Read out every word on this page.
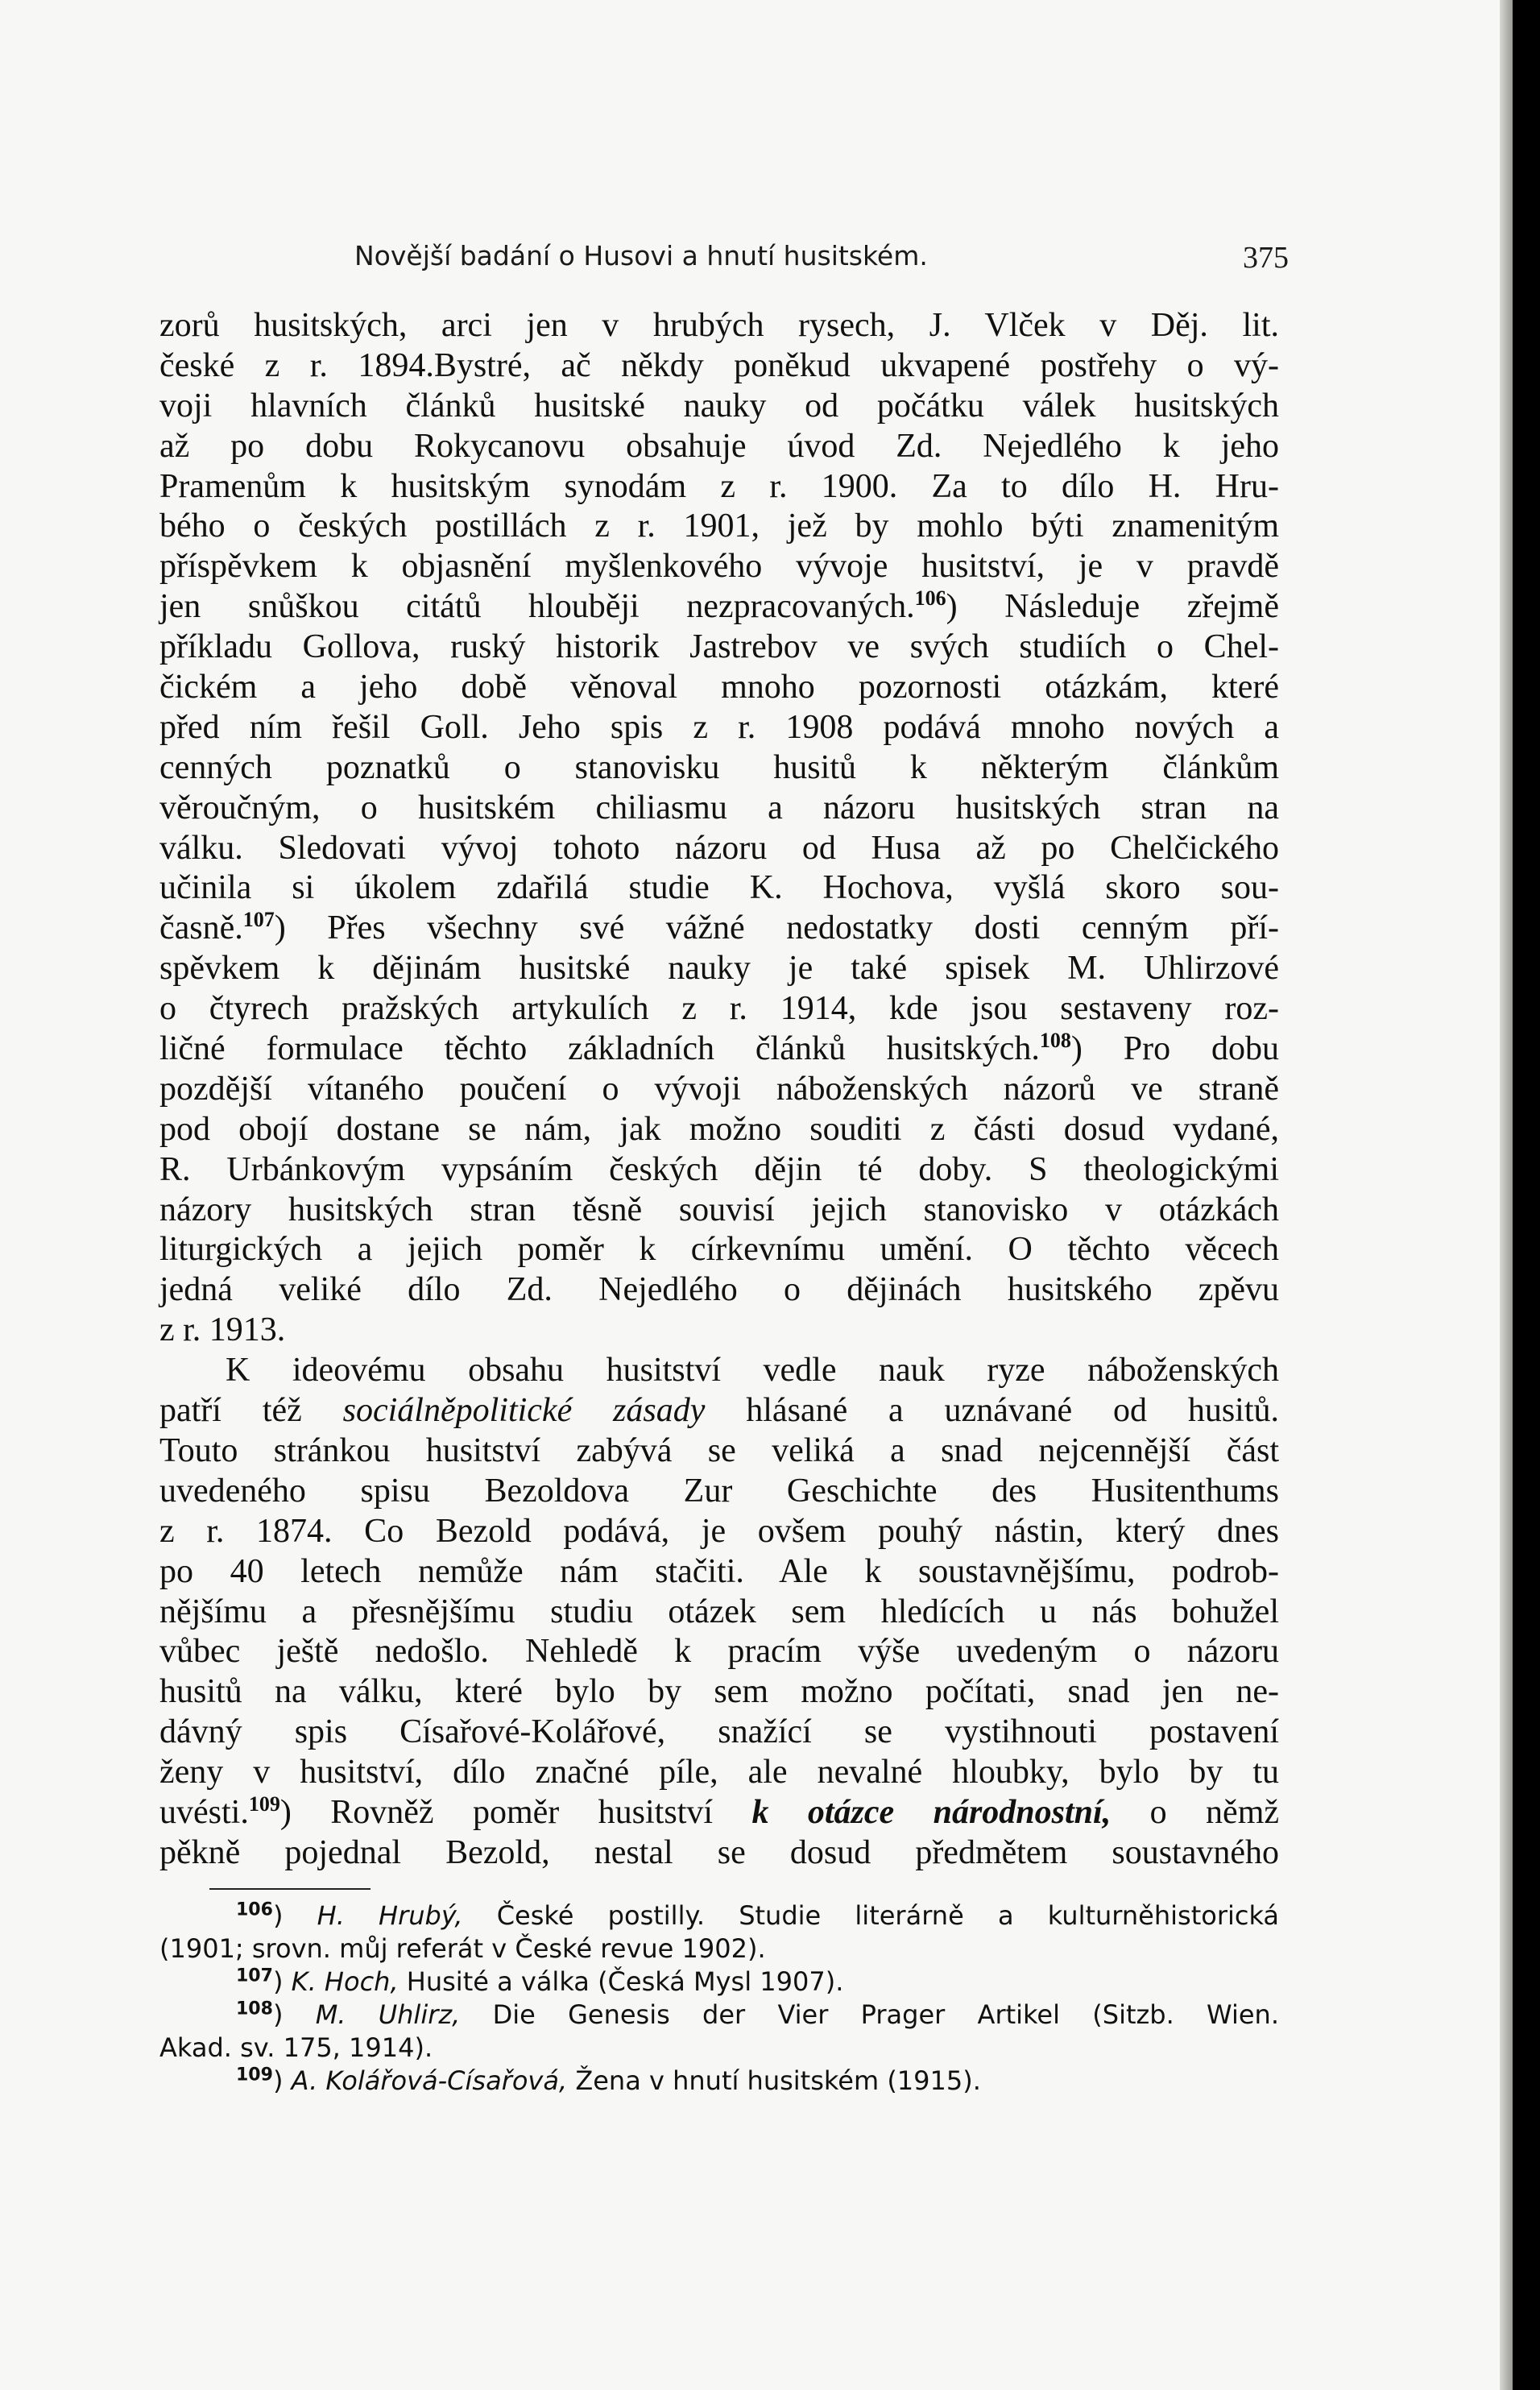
Novější badání o Husovi a hnutí husitském.	375
zorů husitských, arci jen v hrubých rysech, J. Vlček v Děj. lit.
české z r. 1894.Bystré, ač někdy poněkud ukvapené postřehy o vý-
voji hlavních článků husitské nauky od počátku válek husitských
až po dobu Rokycanovu obsahuje úvod Zd. Nejedlého k jeho
Pramenům k husitským synodám z r. 1900. Za to dílo H. Hru-
bého o českých postillách z r. 1901, jež by mohlo býti znamenitým
příspěvkem k objasnění myšlenkového vývoje husitství, je v pravdě
jen snůškou citátů hlouběji nezpracovaných.$^{106}$) Následuje zřejmě
příkladu Gollova, ruský historik Jastrebov ve svých studiích o Chel-
čickém a jeho době věnoval mnoho pozornosti otázkám, které
před ním řešil Goll. Jeho spis z r. 1908 podává mnoho nových a
cenných poznatků o stanovisku husitů k některým článkům
věroučným, o husitském chiliasmu a názoru husitských stran na
válku. Sledovati vývoj tohoto názoru od Husa až po Chelčického
učinila si úkolem zdařilá studie K. Hochova, vyšlá skoro sou-
časně.$^{107}$) Přes všechny své vážné nedostatky dosti cenným pří-
spěvkem k dějinám husitské nauky je také spisek M. Uhlirzové
o čtyrech pražských artykulích z r. 1914, kde jsou sestaveny roz-
ličné formulace těchto základních článků husitských.$^{108}$) Pro dobu
pozdější vítaného poučení o vývoji náboženských názorů ve straně
pod obojí dostane se nám, jak možno souditi z části dosud vydané,
R. Urbánkovým vypsáním českých dějin té doby. S theologickými
názory husitských stran těsně souvisí jejich stanovisko v otázkách
liturgických a jejich poměr k církevnímu umění. O těchto věcech
jedná veliké dílo Zd. Nejedlého o dějinách husitského zpěvu
z r. 1913.
K ideovému obsahu husitství vedle nauk ryze náboženských
patří též sociálněpolitické zásady hlásané a uznávané od husitů.
Touto stránkou husitství zabývá se veliká a snad nejcennější část
uvedeného spisu Bezoldova Zur Geschichte des Husitenthums
z r. 1874. Co Bezold podává, je ovšem pouhý nástin, který dnes
po 40 letech nemůže nám stačiti. Ale k soustavnějšímu, podrob-
nějšímu a přesnějšímu studiu otázek sem hledících u nás bohužel
vůbec ještě nedošlo. Nehledě k pracím výše uvedeným o názoru
husitů na válku, které bylo by sem možno počítati, snad jen ne-
dávný spis Císařové-Kolářové, snažící se vystihnouti postavení
ženy v husitství, dílo značné píle, ale nevalné hloubky, bylo by tu
uvésti.$^{109}$) Rovněž poměr husitství k otázce národnostní, o němž
pěkně pojednal Bezold, nestal se dosud předmětem soustavného
$^{106}$) H. Hrubý, České postilly. Studie literárně a kulturněhistorická
(1901; srovn. můj referát v České revue 1902).
$^{107}$) K. Hoch, Husité a válka (Česká Mysl 1907).
$^{108}$) M. Uhlirz, Die Genesis der Vier Prager Artikel (Sitzb. Wien.
Akad. sv. 175, 1914).
$^{109}$) A. Kolářová-Císařová, Žena v hnutí husitském (1915).
